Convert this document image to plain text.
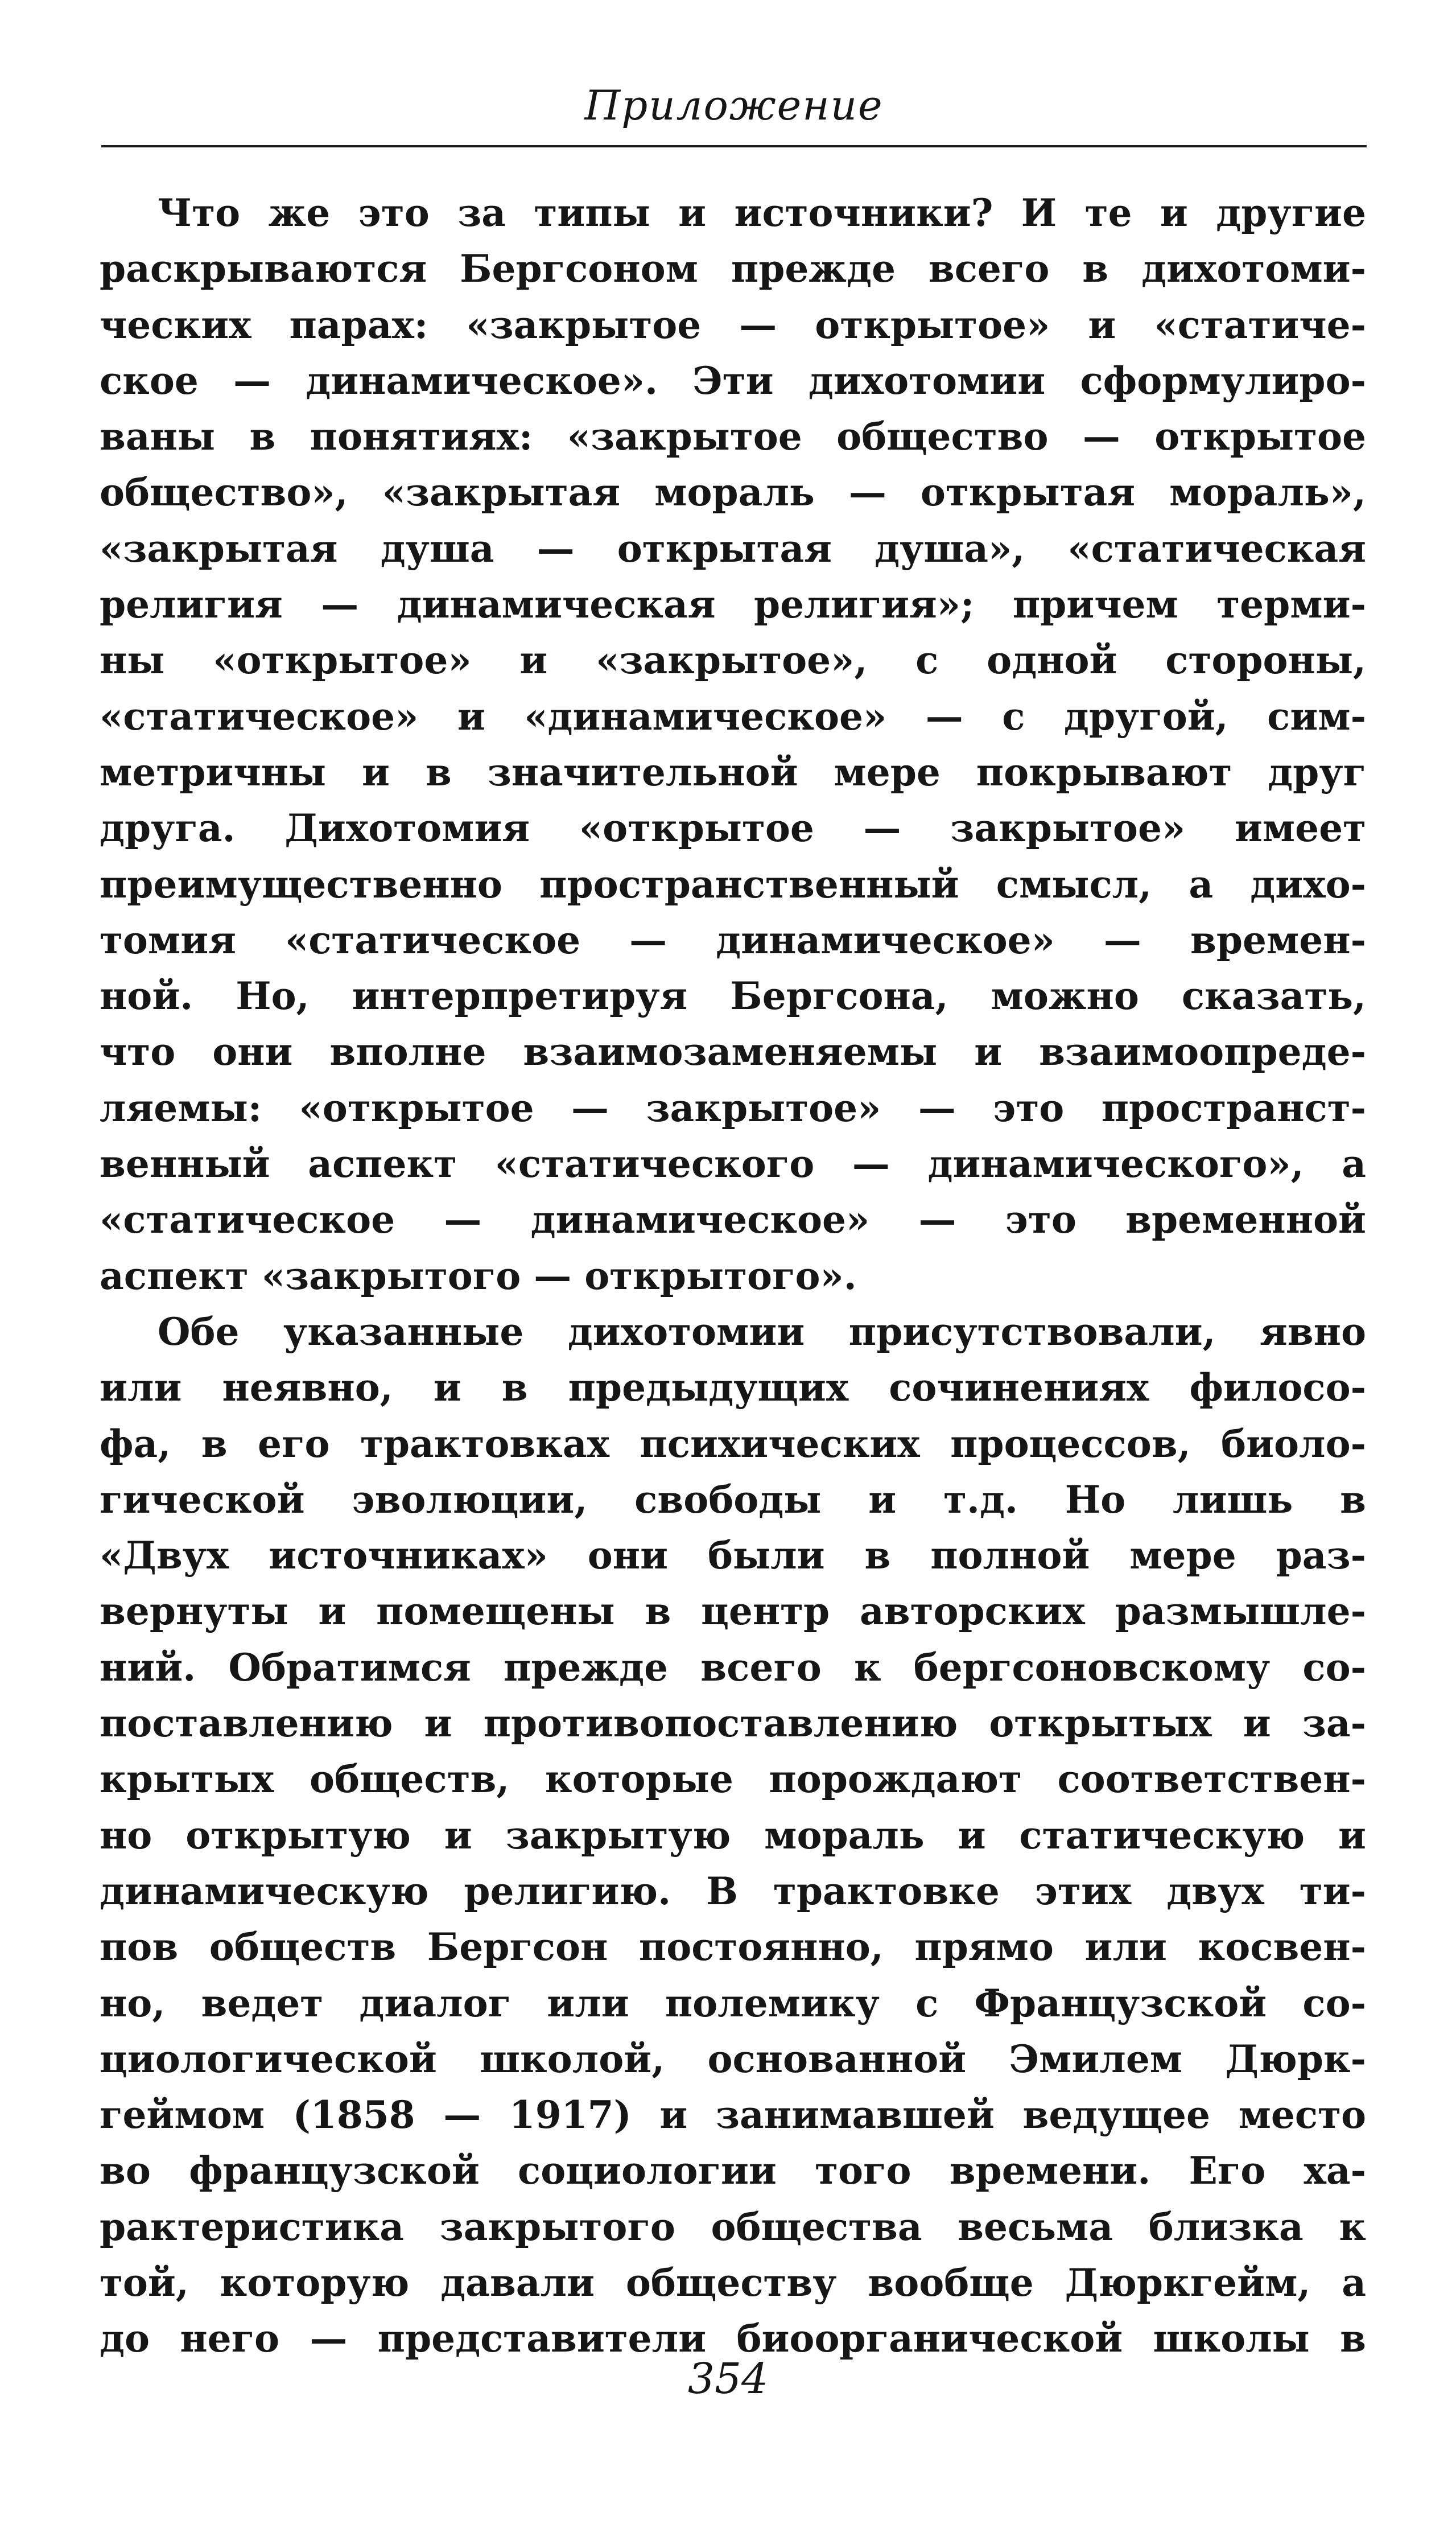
Приложение
Что же это за типы и источники? И те и другие
раскрываются Бергсоном прежде всего в дихотоми-
ческих парах: «закрытое — открытое» и «статиче-
ское — динамическое». Эти дихотомии сформулиро-
ваны в понятиях: «закрытое общество — открытое
общество», «закрытая мораль — открытая мораль»,
«закрытая душа — открытая душа», «статическая
религия — динамическая религия»; причем терми-
ны «открытое» и «закрытое», с одной стороны,
«статическое» и «динамическое» — с другой, сим-
метричны и в значительной мере покрывают друг
друга. Дихотомия «открытое — закрытое» имеет
преимущественно пространственный смысл, а дихо-
томия «статическое — динамическое» — времен-
ной. Но, интерпретируя Бергсона, можно сказать,
что они вполне взаимозаменяемы и взаимоопреде-
ляемы: «открытое — закрытое» — это пространст-
венный аспект «статического — динамического», а
«статическое — динамическое» — это временной
аспект «закрытого — открытого».
Обе указанные дихотомии присутствовали, явно
или неявно, и в предыдущих сочинениях филосо-
фа, в его трактовках психических процессов, биоло-
гической эволюции, свободы и т.д. Но лишь в
«Двух источниках» они были в полной мере раз-
вернуты и помещены в центр авторских размышле-
ний. Обратимся прежде всего к бергсоновскому со-
поставлению и противопоставлению открытых и за-
крытых обществ, которые порождают соответствен-
но открытую и закрытую мораль и статическую и
динамическую религию. В трактовке этих двух ти-
пов обществ Бергсон постоянно, прямо или косвен-
но, ведет диалог или полемику с Французской со-
циологической школой, основанной Эмилем Дюрк-
геймом (1858 — 1917) и занимавшей ведущее место
во французской социологии того времени. Его ха-
рактеристика закрытого общества весьма близка к
той, которую давали обществу вообще Дюркгейм, а
до него — представители биоорганической школы в
354
